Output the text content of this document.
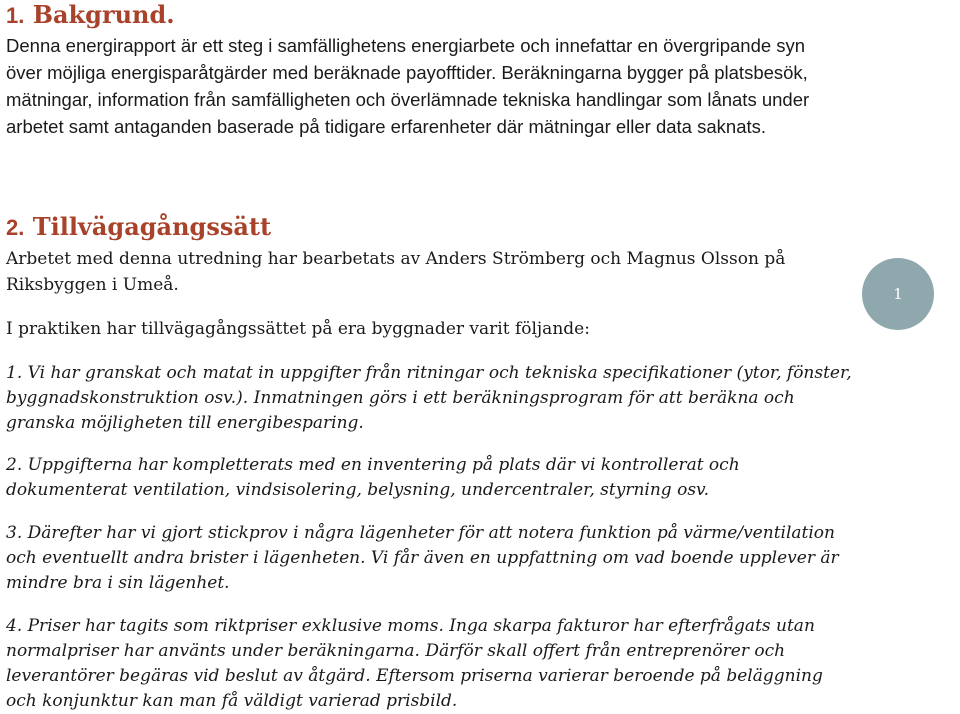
1. Bakgrund.

Denna energirapport är ett steg i samfällighetens energiarbete och innefattar en övergripande syn över möjliga energisparåtgärder med beräknade payofftider. Beräkningarna bygger på platsbesök, mätningar, information från samfälligheten och överlämnade tekniska handlingar som lånats under arbetet samt antaganden baserade på tidigare erfarenheter där mätningar eller data saknats.

2. Tillvägagångssätt

Arbetet med denna utredning har bearbetats av Anders Strömberg och Magnus Olsson på Riksbyggen i Umeå.

I praktiken har tillvägagångssättet på era byggnader varit följande:

1. Vi har granskat och matat in uppgifter från ritningar och tekniska specifikationer (ytor, fönster, byggnadskonstruktion osv.). Inmatningen görs i ett beräkningsprogram för att beräkna och granska möjligheten till energibesparing.

2. Uppgifterna har kompletterats med en inventering på plats där vi kontrollerat och dokumenterat ventilation, vindsisolering, belysning, undercentraler, styrning osv.

3. Därefter har vi gjort stickprov i några lägenheter för att notera funktion på värme/ventilation och eventuellt andra brister i lägenheten. Vi får även en uppfattning om vad boende upplever är mindre bra i sin lägenhet.

4. Priser har tagits som riktpriser exklusive moms. Inga skarpa fakturor har efterfrågats utan normalpriser har använts under beräkningarna. Därför skall offert från entreprenörer och leverantörer begäras vid beslut av åtgärd. Eftersom priserna varierar beroende på beläggning och konjunktur kan man få väldigt varierad prisbild.

1
